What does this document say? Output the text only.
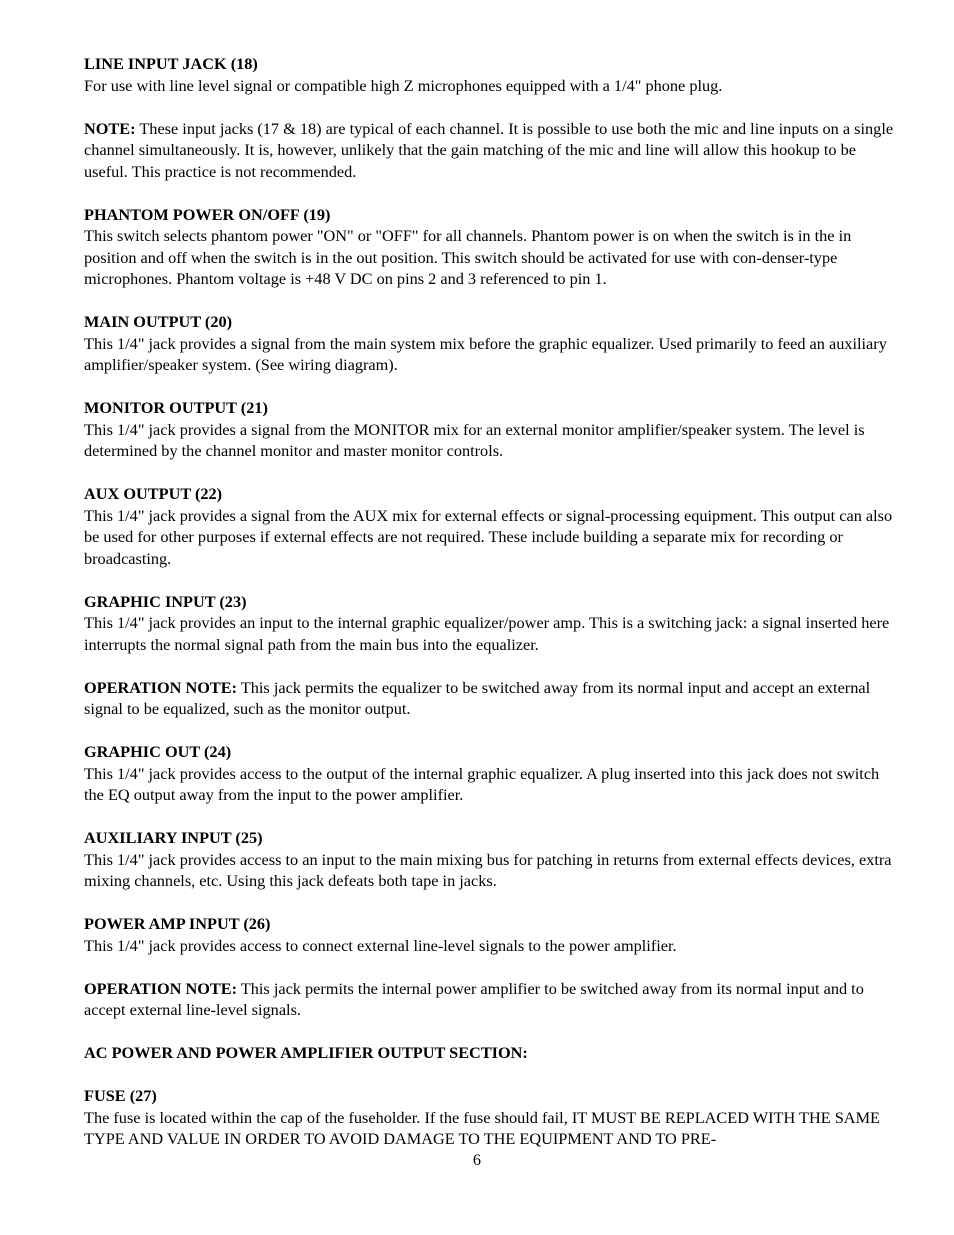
LINE INPUT JACK (18)
For use with line level signal or compatible high Z microphones equipped with a 1/4" phone plug.
NOTE: These input jacks (17 & 18) are typical of each channel. It is possible to use both the mic and line inputs on a single channel simultaneously. It is, however, unlikely that the gain matching of the mic and line will allow this hookup to be useful. This practice is not recommended.
PHANTOM POWER ON/OFF (19)
This switch selects phantom power "ON" or "OFF" for all channels. Phantom power is on when the switch is in the in position and off when the switch is in the out position. This switch should be activated for use with con-denser-type microphones. Phantom voltage is +48 V DC on pins 2 and 3 referenced to pin 1.
MAIN OUTPUT (20)
This 1/4" jack provides a signal from the main system mix before the graphic equalizer. Used primarily to feed an auxiliary amplifier/speaker system. (See wiring diagram).
MONITOR OUTPUT (21)
This 1/4" jack provides a signal from the MONITOR mix for an external monitor amplifier/speaker system. The level is determined by the channel monitor and master monitor controls.
AUX OUTPUT (22)
This 1/4" jack provides a signal from the AUX mix for external effects or signal-processing equipment. This output can also be used for other purposes if external effects are not required. These include building a separate mix for recording or broadcasting.
GRAPHIC INPUT (23)
This 1/4" jack provides an input to the internal graphic equalizer/power amp. This is a switching jack: a signal inserted here interrupts the normal signal path from the main bus into the equalizer.
OPERATION NOTE: This jack permits the equalizer to be switched away from its normal input and accept an external signal to be equalized, such as the monitor output.
GRAPHIC OUT (24)
This 1/4" jack provides access to the output of the internal graphic equalizer. A plug inserted into this jack does not switch the EQ output away from the input to the power amplifier.
AUXILIARY INPUT (25)
This 1/4" jack provides access to an input to the main mixing bus for patching in returns from external effects devices, extra mixing channels, etc. Using this jack defeats both tape in jacks.
POWER AMP INPUT (26)
This 1/4" jack provides access to connect external line-level signals to the power amplifier.
OPERATION NOTE: This jack permits the internal power amplifier to be switched away from its normal input and to accept external line-level signals.
AC POWER AND POWER AMPLIFIER OUTPUT SECTION:
FUSE (27)
The fuse is located within the cap of the fuseholder. If the fuse should fail, IT MUST BE REPLACED WITH THE SAME TYPE AND VALUE IN ORDER TO AVOID DAMAGE TO THE EQUIPMENT AND TO PRE-
6
